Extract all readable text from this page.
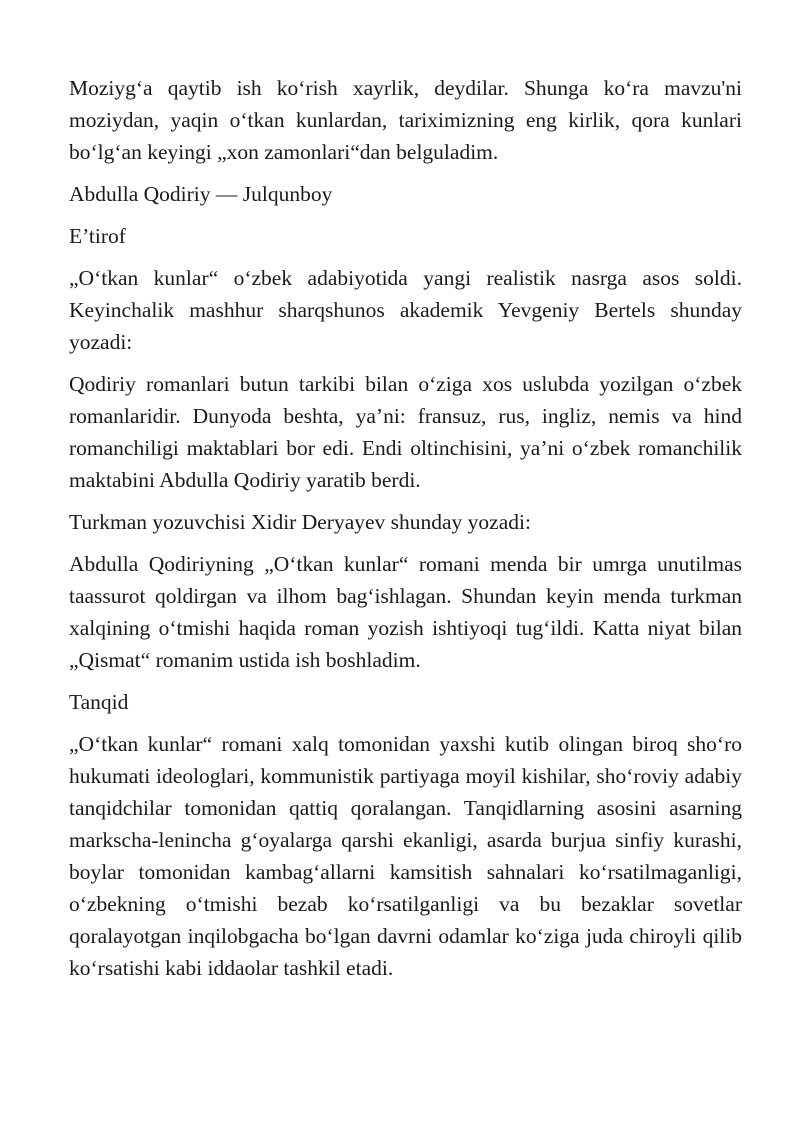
Moziyg‘a qaytib ish ko‘rish xayrlik, deydilar. Shunga ko‘ra mavzu'ni moziydan, yaqin o‘tkan kunlardan, tariximizning eng kirlik, qora kunlari bo‘lg‘an keyingi „xon zamonlari“dan belguladim.

Abdulla Qodiriy — Julqunboy

E’tirof

„O‘tkan kunlar“ o‘zbek adabiyotida yangi realistik nasrga asos soldi. Keyinchalik mashhur sharqshunos akademik Yevgeniy Bertels shunday yozadi:

Qodiriy romanlari butun tarkibi bilan o‘ziga xos uslubda yozilgan o‘zbek romanlaridir. Dunyoda beshta, ya’ni: fransuz, rus, ingliz, nemis va hind romanchiligi maktablari bor edi. Endi oltinchisini, ya’ni o‘zbek romanchilik maktabini Abdulla Qodiriy yaratib berdi.

Turkman yozuvchisi Xidir Deryayev shunday yozadi:

Abdulla Qodiriyning „O‘tkan kunlar“ romani menda bir umrga unutilmas taassurot qoldirgan va ilhom bag‘ishlagan. Shundan keyin menda turkman xalqining o‘tmishi haqida roman yozish ishtiyoqi tug‘ildi. Katta niyat bilan „Qismat“ romanim ustida ish boshladim.

Tanqid

„O‘tkan kunlar“ romani xalq tomonidan yaxshi kutib olingan biroq sho‘ro hukumati ideologlari, kommunistik partiyaga moyil kishilar, sho‘roviy adabiy tanqidchilar tomonidan qattiq qoralangan. Tanqidlarning asosini asarning markscha-lenincha g‘oyalarga qarshi ekanligi, asarda burjua sinfiy kurashi, boylar tomonidan kambag‘allarni kamsitish sahnalari ko‘rsatilmaganligi, o‘zbekning o‘tmishi bezab ko‘rsatilganligi va bu bezaklar sovetlar qoralayotgan inqilobgacha bo‘lgan davrni odamlar ko‘ziga juda chiroyli qilib ko‘rsatishi kabi iddaolar tashkil etadi.
